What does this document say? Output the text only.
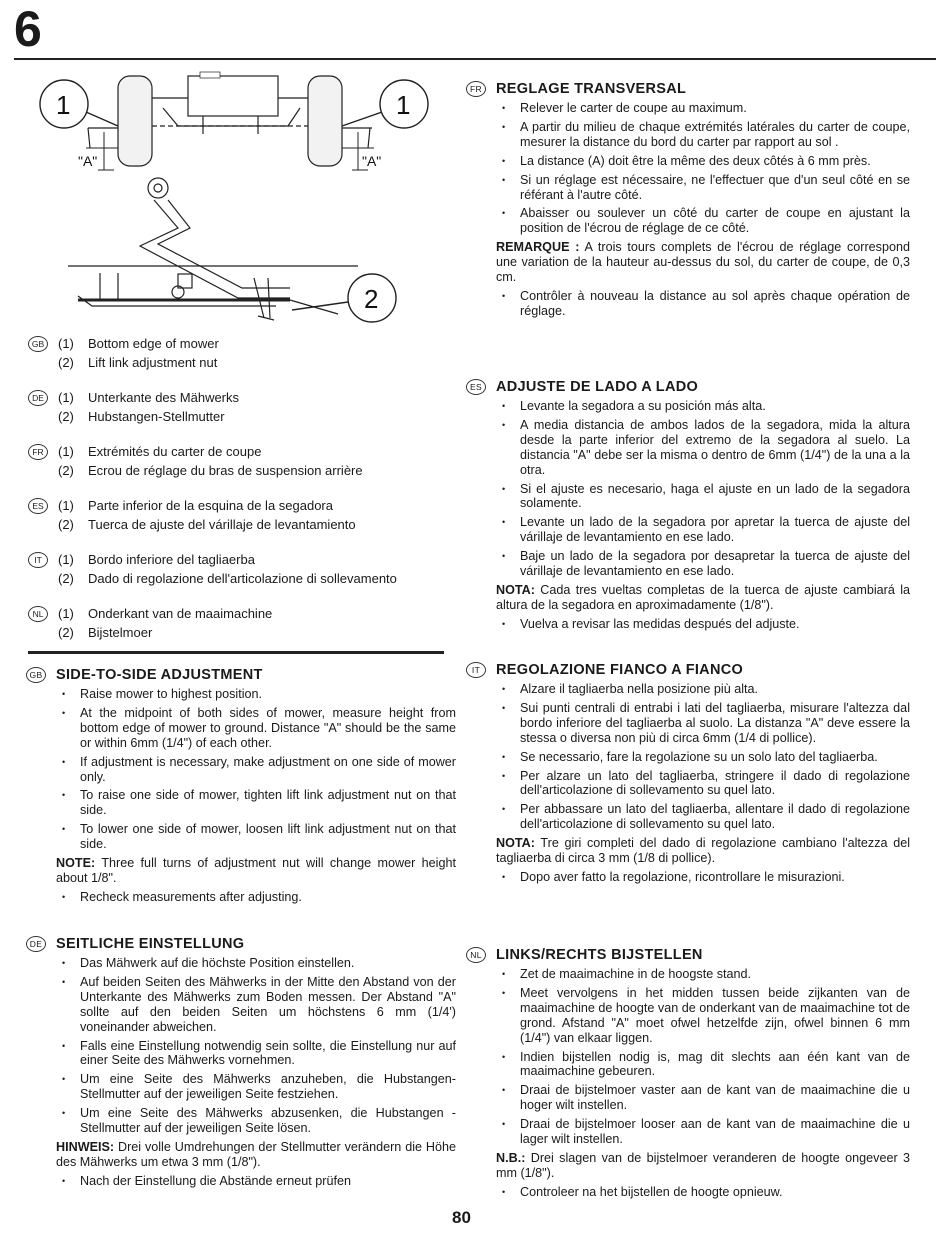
6
1	1
"A"	"A"
2
GB (1)	Bottom edge of mower
(2)	Lift link adjustment nut
DE	(1)	Unterkante des Mähwerks
(2)	Hubstangen-Stellmutter
FR	(1)	Extrémités du carter de coupe
(2)	Ecrou de réglage du bras de suspension arrière
ES	(1)	Parte inferior de la esquina de la segadora
(2)	Tuerca de ajuste del várillaje de levantamiento
IT	(1)	Bordo inferiore del tagliaerba
(2)	Dado di regolazione dell'articolazione di sollevamento
NL	(1)	Onderkant van de maaimachine
(2)	Bijstelmoer
GB SIDE-TO-SIDE ADJUSTMENT
• Raise mower to highest position.
• At the midpoint of both sides of mower, measure height from bottom edge of mower to ground. Distance "A" should be the same or within 6mm (1/4") of each other.
• If adjustment is necessary, make adjustment on one side of mower only.
• To raise one side of mower, tighten lift link adjustment nut on that side.
• To lower one side of mower, loosen lift link adjustment nut on that side.

NOTE: Three full turns of adjustment nut will change mower height about 1/8".

• Recheck measurements after adjusting.
DE SEITLICHE EINSTELLUNG
• Das Mähwerk auf die höchste Position einstellen.
• Auf beiden Seiten des Mähwerks in der Mitte den Abstand von der Unterkante des Mähwerks zum Boden messen. Der Abstand "A" sollte auf den beiden Seiten um höchstens 6 mm (1/4') voneinander abweichen.
• Falls eine Einstellung notwendig sein sollte, die Einstellung nur auf einer Seite des Mähwerks vornehmen.
• Um eine Seite des Mähwerks anzuheben, die Hubstangen-Stellmutter auf der jeweiligen Seite festziehen.
• Um eine Seite des Mähwerks abzusenken, die Hubstangen -Stellmutter auf der jeweiligen Seite lösen.

HINWEIS: Drei volle Umdrehungen der Stellmutter verändern die Höhe des Mähwerks um etwa 3 mm (1/8").

• Nach der Einstellung die Abstände erneut prüfen
FR REGLAGE TRANSVERSAL
• Relever le carter de coupe au maximum.
• A partir du milieu de chaque extrémités latérales du carter de coupe, mesurer la distance du bord du carter par rapport au sol .
• La distance (A) doit être la même des deux côtés à 6 mm près.
• Si un réglage est nécessaire, ne l'effectuer que d'un seul côté en se référant à l'autre côté.
• Abaisser ou soulever un côté du carter de coupe en ajustant la position de l'écrou de réglage de ce côté.

REMARQUE : A trois tours complets de l'écrou de réglage correspond une variation de la hauteur au-dessus du sol, du carter de coupe, de 0,3 cm.

• Contrôler à nouveau la distance au sol après chaque opération de réglage.
ES ADJUSTE DE LADO A LADO
• Levante la segadora a su posición más alta.
• A media distancia de ambos lados de la segadora, mida la altura desde la parte inferior del extremo de la segadora al suelo. La distancia "A" debe ser la misma o dentro de 6mm (1/4") de la una a la otra.
• Si el ajuste es necesario, haga el ajuste en un lado de la segadora solamente.
• Levante un lado de la segadora por apretar la tuerca de ajuste del várillaje de levantamiento en ese lado.
• Baje un lado de la segadora por desapretar la tuerca de ajuste del várillaje de levantamiento en ese lado.

NOTA: Cada tres vueltas completas de la tuerca de ajuste cambiará la altura de la segadora en aproximadamente (1/8").

• Vuelva a revisar las medidas después del adjuste.
IT	REGOLAZIONE FIANCO A FIANCO
• Alzare il tagliaerba nella posizione più alta.
• Sui punti centrali di entrabi i lati del tagliaerba, misurare l'altezza dal bordo inferiore del tagliaerba al suolo. La distanza "A" deve essere la stessa o diversa non più di circa 6mm (1/4 di pollice).
• Se necessario, fare la regolazione su un solo lato del tagliaerba.
• Per alzare un lato del tagliaerba, stringere il dado di regolazione dell'articolazione di sollevamento su quel lato.
• Per abbassare un lato del tagliaerba, allentare il dado di regolazione dell'articolazione di sollevamento su quel lato.

NOTA: Tre giri completi del dado di regolazione cambiano l'altezza del tagliaerba di circa 3 mm (1/8 di pollice).

• Dopo aver fatto la regolazione, ricontrollare le misurazioni.
NL LINKS/RECHTS BIJSTELLEN
• Zet de maaimachine in de hoogste stand.
• Meet vervolgens in het midden tussen beide zijkanten van de maaimachine de hoogte van de onderkant van de maaimachine tot de grond. Afstand "A" moet ofwel hetzelfde zijn, ofwel binnen 6 mm (1/4") van elkaar liggen.
• Indien bijstellen nodig is, mag dit slechts aan één kant van de maaimachine gebeuren.
• Draai de bijstelmoer vaster aan de kant van de maaimachine die u hoger wilt instellen.
• Draai de bijstelmoer looser aan de kant van de maaimachine die u lager wilt instellen.

N.B.: Drei slagen van de bijstelmoer veranderen de hoogte ongeveer 3 mm (1/8").

• Controleer na het bijstellen de hoogte opnieuw.
80
